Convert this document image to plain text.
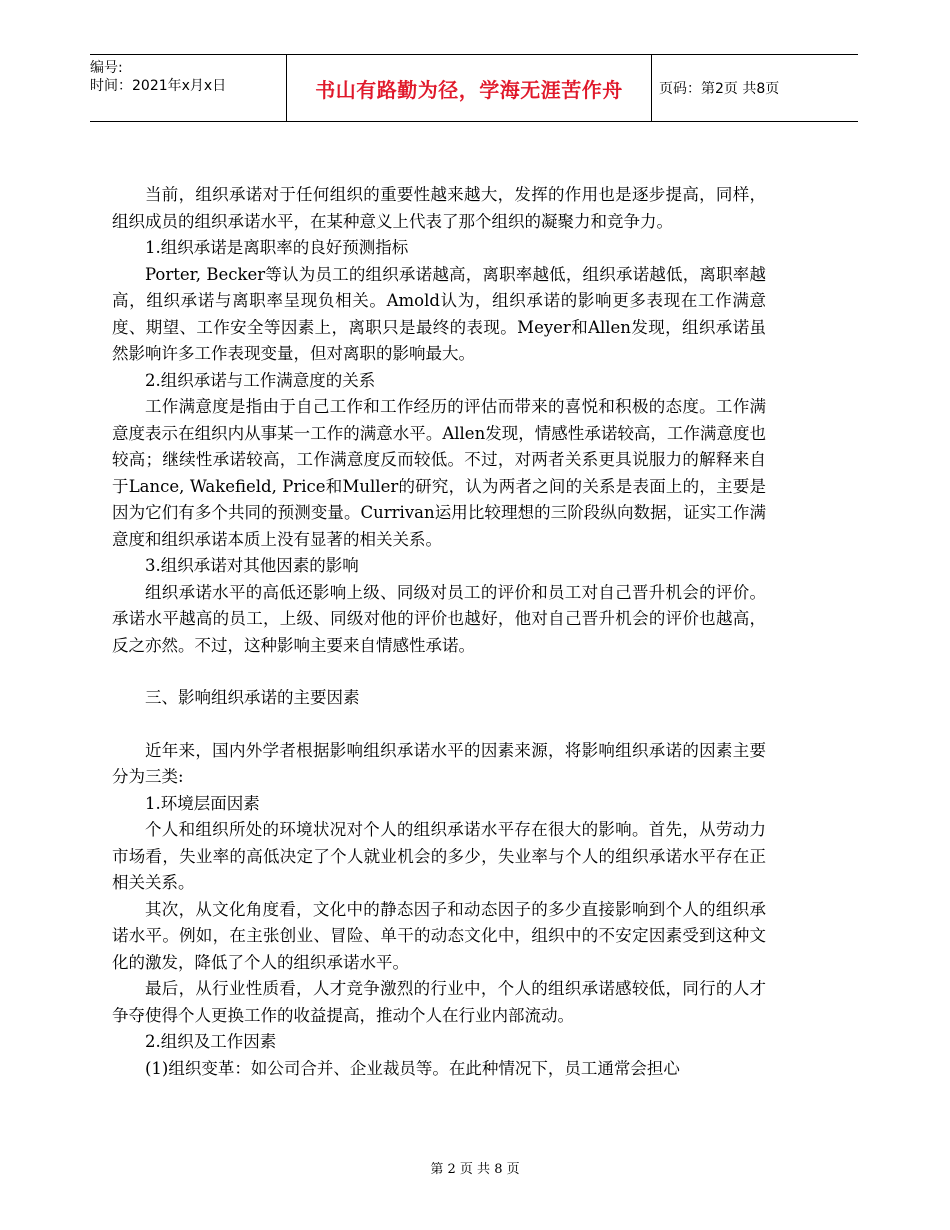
编号:
时间：2021年x月x日	书山有路勤为径，学海无涯苦作舟	页码：第2页 共8页

当前，组织承诺对于任何组织的重要性越来越大，发挥的作用也是逐步提高，同样，组织成员的组织承诺水平，在某种意义上代表了那个组织的凝聚力和竞争力。

1.组织承诺是离职率的良好预测指标

Porter, Becker等认为员工的组织承诺越高，离职率越低，组织承诺越低，离职率越高，组织承诺与离职率呈现负相关。Amold认为，组织承诺的影响更多表现在工作满意度、期望、工作安全等因素上，离职只是最终的表现。Meyer和Allen发现，组织承诺虽然影响许多工作表现变量，但对离职的影响最大。

2.组织承诺与工作满意度的关系

工作满意度是指由于自己工作和工作经历的评估而带来的喜悦和积极的态度。工作满意度表示在组织内从事某一工作的满意水平。Allen发现，情感性承诺较高，工作满意度也较高；继续性承诺较高，工作满意度反而较低。不过，对两者关系更具说服力的解释来自于Lance, Wakefield, Price和Muller的研究，认为两者之间的关系是表面上的，主要是因为它们有多个共同的预测变量。Currivan运用比较理想的三阶段纵向数据，证实工作满意度和组织承诺本质上没有显著的相关关系。

3.组织承诺对其他因素的影响

组织承诺水平的高低还影响上级、同级对员工的评价和员工对自己晋升机会的评价。承诺水平越高的员工，上级、同级对他的评价也越好，他对自己晋升机会的评价也越高，反之亦然。不过，这种影响主要来自情感性承诺。

三、影响组织承诺的主要因素

近年来，国内外学者根据影响组织承诺水平的因素来源，将影响组织承诺的因素主要分为三类:

1.环境层面因素

个人和组织所处的环境状况对个人的组织承诺水平存在很大的影响。首先，从劳动力市场看，失业率的高低决定了个人就业机会的多少，失业率与个人的组织承诺水平存在正相关关系。

其次，从文化角度看，文化中的静态因子和动态因子的多少直接影响到个人的组织承诺水平。例如，在主张创业、冒险、单干的动态文化中，组织中的不安定因素受到这种文化的激发，降低了个人的组织承诺水平。

最后，从行业性质看，人才竞争激烈的行业中，个人的组织承诺感较低，同行的人才争夺使得个人更换工作的收益提高，推动个人在行业内部流动。

2.组织及工作因素

(1)组织变革：如公司合并、企业裁员等。在此种情况下，员工通常会担心

第 2 页 共 8 页
